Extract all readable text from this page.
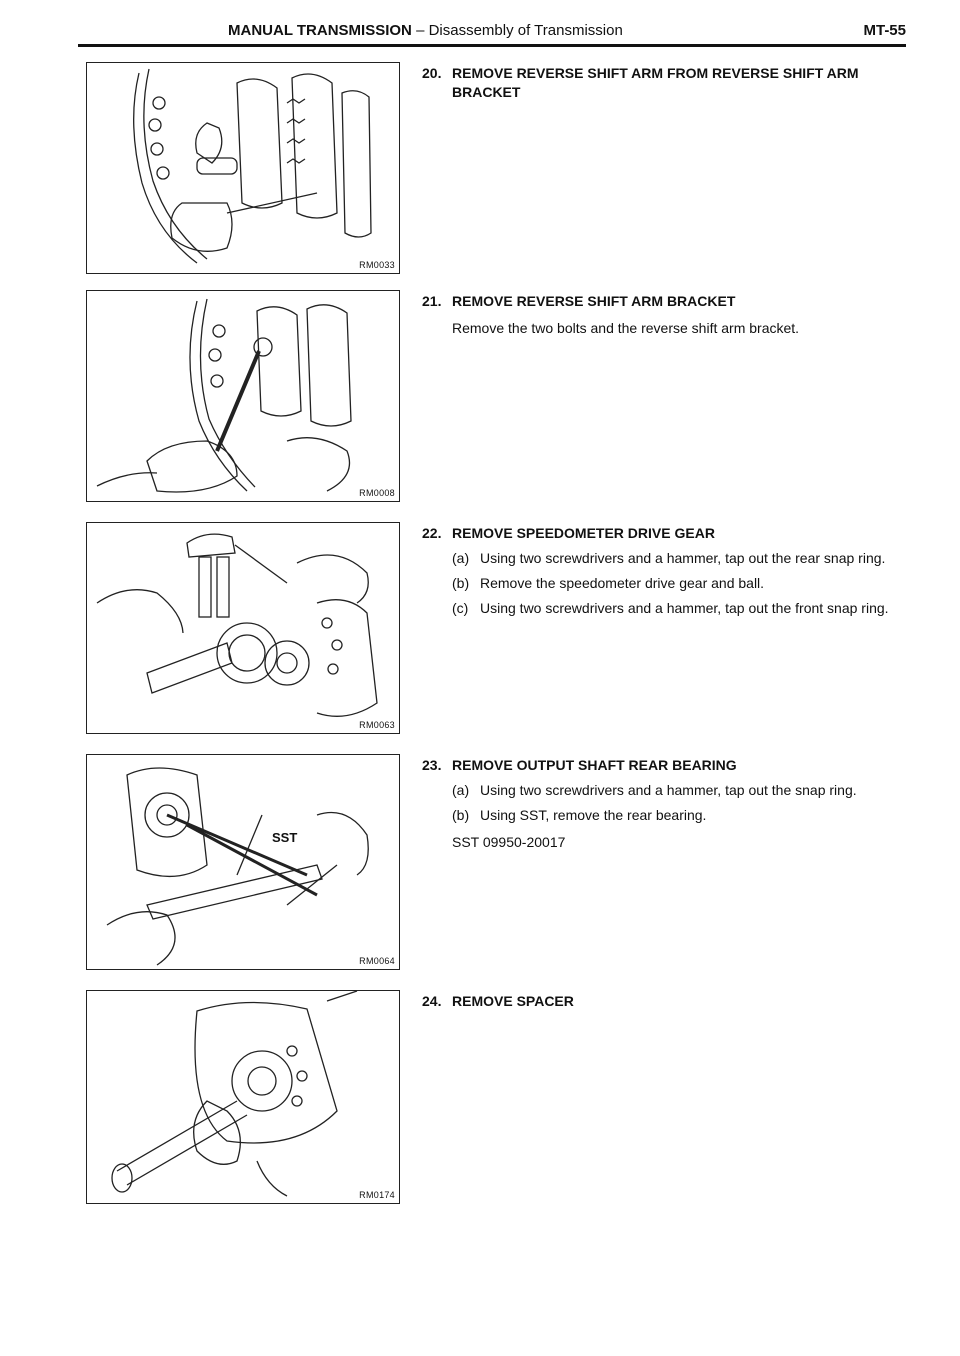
MANUAL TRANSMISSION – Disassembly of Transmission	MT-55
RM0033
RM0008
RM0063
SST
RM0064
RM0174
20. REMOVE REVERSE SHIFT ARM FROM REVERSE SHIFT ARM BRACKET
21. REMOVE REVERSE SHIFT ARM BRACKET
Remove the two bolts and the reverse shift arm bracket.
22. REMOVE SPEEDOMETER DRIVE GEAR
(a) Using two screwdrivers and a hammer, tap out the rear snap ring.
(b) Remove the speedometer drive gear and ball.
(c) Using two screwdrivers and a hammer, tap out the front snap ring.
23. REMOVE OUTPUT SHAFT REAR BEARING
(a) Using two screwdrivers and a hammer, tap out the snap ring.
(b) Using SST, remove the rear bearing.
SST 09950-20017
24. REMOVE SPACER
